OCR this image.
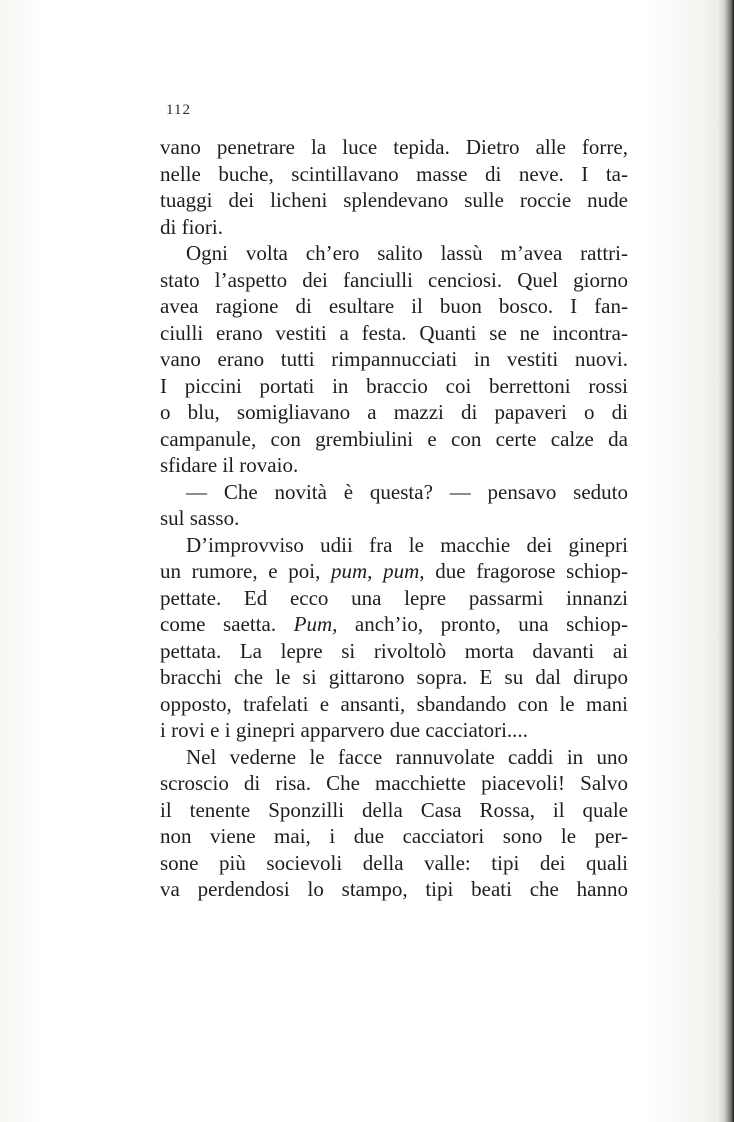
112
vano penetrare la luce tepida. Dietro alle forre,
nelle buche, scintillavano masse di neve. I ta-
tuaggi dei licheni splendevano sulle roccie nude
di fiori.
Ogni volta ch’ero salito lassù m’avea rattri-
stato l’aspetto dei fanciulli cenciosi. Quel giorno
avea ragione di esultare il buon bosco. I fan-
ciulli erano vestiti a festa. Quanti se ne incontra-
vano erano tutti rimpannucciati in vestiti nuovi.
I piccini portati in braccio coi berrettoni rossi
o blu, somigliavano a mazzi di papaveri o di
campanule, con grembiulini e con certe calze da
sfidare il rovaio.
— Che novità è questa? — pensavo seduto
sul sasso.
D’improvviso udii fra le macchie dei ginepri
un rumore, e poi, pum, pum, due fragorose schiop-
pettate. Ed ecco una lepre passarmi innanzi
come saetta. Pum, anch’io, pronto, una schiop-
pettata. La lepre si rivoltolò morta davanti ai
bracchi che le si gittarono sopra. E su dal dirupo
opposto, trafelati e ansanti, sbandando con le mani
i rovi e i ginepri apparvero due cacciatori....
Nel vederne le facce rannuvolate caddi in uno
scroscio di risa. Che macchiette piacevoli! Salvo
il tenente Sponzilli della Casa Rossa, il quale
non viene mai, i due cacciatori sono le per-
sone più socievoli della valle: tipi dei quali
va perdendosi lo stampo, tipi beati che hanno
